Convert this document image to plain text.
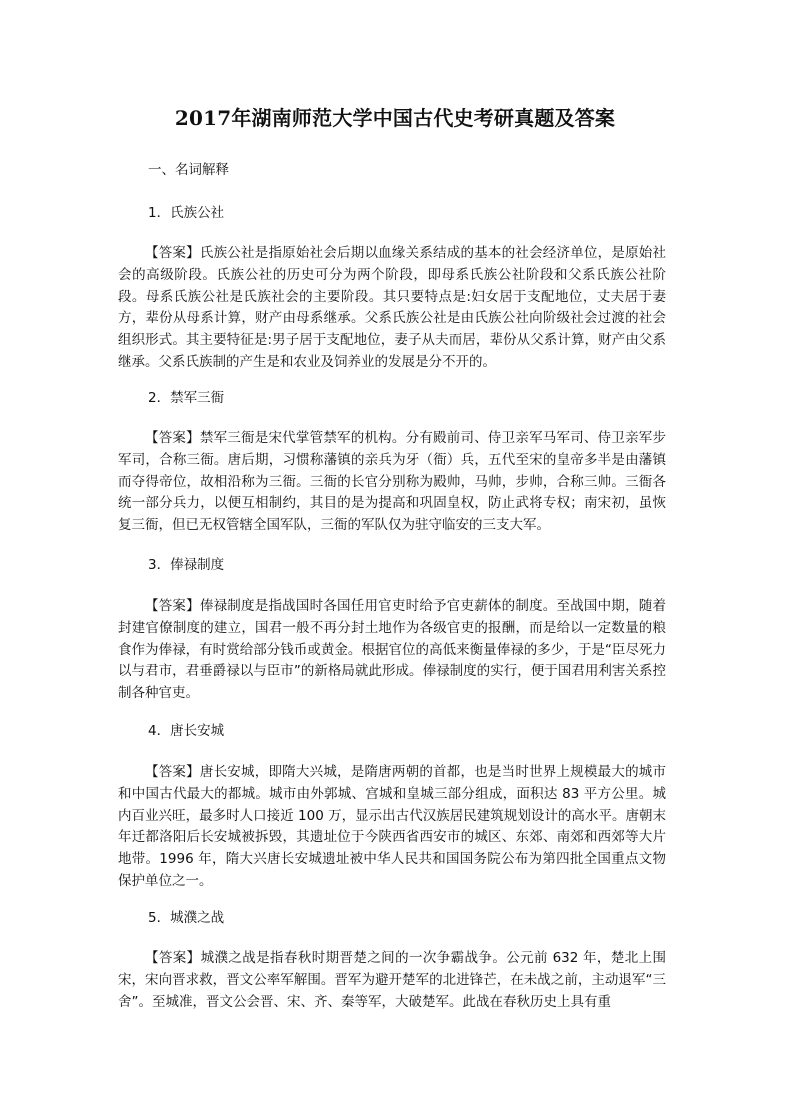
2017年湖南师范大学中国古代史考研真题及答案
一、名词解释
1．氏族公社

【答案】氏族公社是指原始社会后期以血缘关系结成的基本的社会经济单位，是原始社会的高级阶段。氏族公社的历史可分为两个阶段，即母系氏族公社阶段和父系氏族公社阶段。母系氏族公社是氏族社会的主要阶段。其只要特点是:妇女居于支配地位，丈夫居于妻方，辈份从母系计算，财产由母系继承。父系氏族公社是由氏族公社向阶级社会过渡的社会组织形式。其主要特征是:男子居于支配地位，妻子从夫而居，辈份从父系计算，财产由父系继承。父系氏族制的产生是和农业及饲养业的发展是分不开的。

2．禁军三衙

【答案】禁军三衙是宋代掌管禁军的机构。分有殿前司、侍卫亲军马军司、侍卫亲军步军司，合称三衙。唐后期，习惯称藩镇的亲兵为牙（衙）兵，五代至宋的皇帝多半是由藩镇而夺得帝位，故相沿称为三衙。三衙的长官分别称为殿帅，马帅，步帅，合称三帅。三衙各统一部分兵力，以便互相制约，其目的是为提高和巩固皇权，防止武将专权；南宋初，虽恢复三衙，但已无权管辖全国军队，三衙的军队仅为驻守临安的三支大军。

3．俸禄制度

【答案】俸禄制度是指战国时各国任用官吏时给予官吏薪体的制度。至战国中期，随着封建官僚制度的建立，国君一般不再分封土地作为各级官吏的报酬，而是给以一定数量的粮食作为俸禄，有时赏给部分钱币或黄金。根据官位的高低来衡量俸禄的多少，于是“臣尽死力以与君市，君垂爵禄以与臣市”的新格局就此形成。俸禄制度的实行，便于国君用利害关系控制各种官吏。

4．唐长安城

【答案】唐长安城，即隋大兴城，是隋唐两朝的首都，也是当时世界上规模最大的城市和中国古代最大的都城。城市由外郭城、宫城和皇城三部分组成，面积达 83 平方公里。城内百业兴旺，最多时人口接近 100 万，显示出古代汉族居民建筑规划设计的高水平。唐朝末年迁都洛阳后长安城被拆毁，其遗址位于今陕西省西安市的城区、东郊、南郊和西郊等大片地带。1996 年，隋大兴唐长安城遗址被中华人民共和国国务院公布为第四批全国重点文物保护单位之一。

5．城濮之战

【答案】城濮之战是指春秋时期晋楚之间的一次争霸战争。公元前 632 年，楚北上围宋，宋向晋求救，晋文公率军解围。晋军为避开楚军的北进锋芒，在未战之前，主动退军“三舍”。至城准，晋文公会晋、宋、齐、秦等军，大破楚军。此战在春秋历史上具有重
